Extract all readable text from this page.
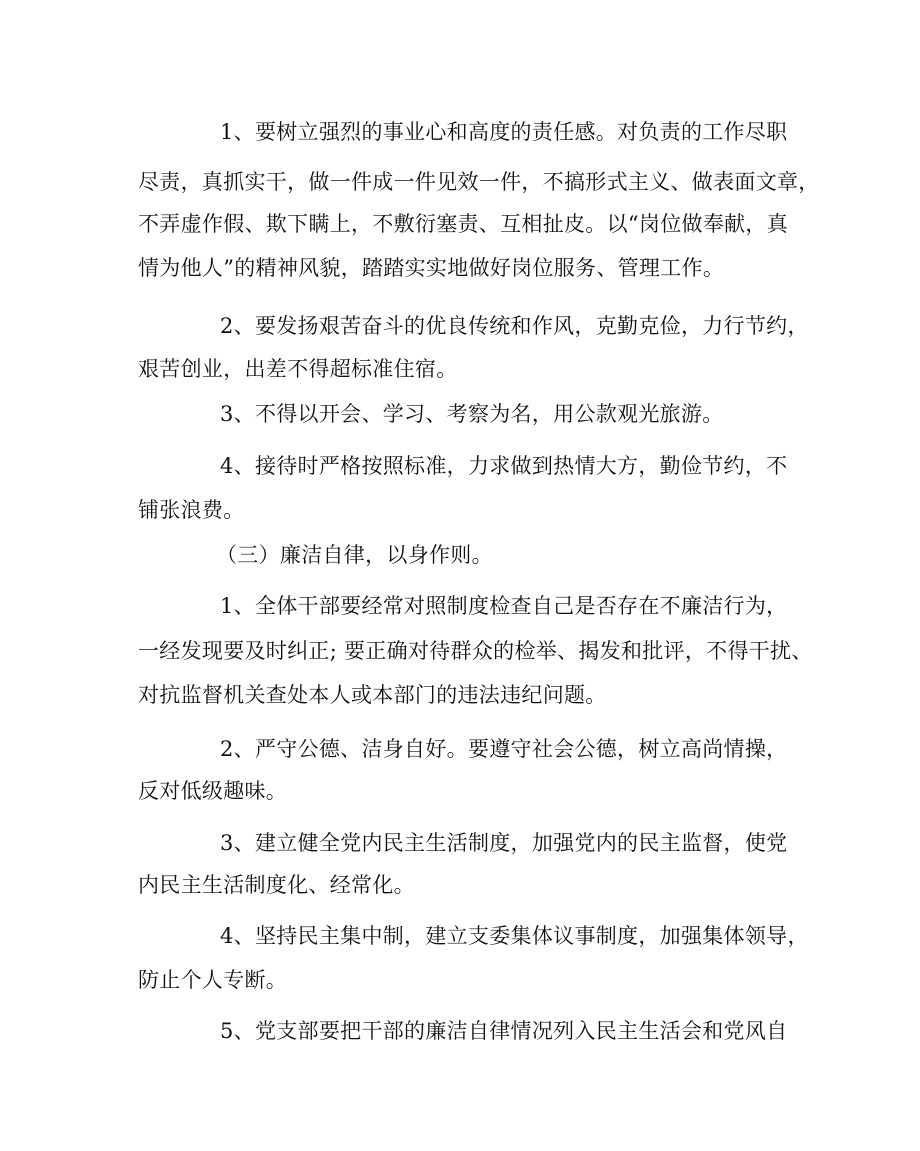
1、要树立强烈的事业心和高度的责任感。对负责的工作尽职

尽责，真抓实干，做一件成一件见效一件，不搞形式主义、做表面文章，

不弄虚作假、欺下瞒上，不敷衍塞责、互相扯皮。以“岗位做奉献，真

情为他人”的精神风貌，踏踏实实地做好岗位服务、管理工作。

2、要发扬艰苦奋斗的优良传统和作风，克勤克俭，力行节约，

艰苦创业，出差不得超标准住宿。

3、不得以开会、学习、考察为名，用公款观光旅游。

4、接待时严格按照标准，力求做到热情大方，勤俭节约，不

铺张浪费。

（三）廉洁自律，以身作则。

1、全体干部要经常对照制度检查自己是否存在不廉洁行为，

一经发现要及时纠正; 要正确对待群众的检举、揭发和批评，不得干扰、

对抗监督机关查处本人或本部门的违法违纪问题。

2、严守公德、洁身自好。要遵守社会公德，树立高尚情操，

反对低级趣味。

3、建立健全党内民主生活制度，加强党内的民主监督，使党

内民主生活制度化、经常化。

4、坚持民主集中制，建立支委集体议事制度，加强集体领导，

防止个人专断。

5、党支部要把干部的廉洁自律情况列入民主生活会和党风自
